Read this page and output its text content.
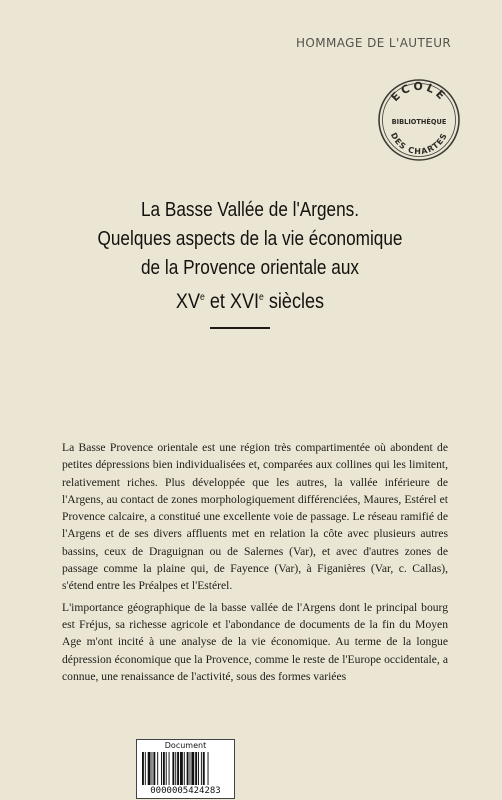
HOMMAGE DE L'AUTEUR
ECOLE
BIBLIOTHÈQUE
DES CHARTES
La Basse Vallée de l'Argens.
Quelques aspects de la vie économique
de la Provence orientale aux
XVe et XVIe siècles

La Basse Provence orientale est une région très compartimentée où abondent de petites dépressions bien individualisées et, comparées aux collines qui les limitent, relativement riches. Plus développée que les autres, la vallée inférieure de l'Argens, au contact de zones morphologiquement différenciées, Maures, Estérel et Provence calcaire, a constitué une excellente voie de passage. Le réseau ramifié de l'Argens et de ses divers affluents met en relation la côte avec plusieurs autres bassins, ceux de Draguignan ou de Salernes (Var), et avec d'autres zones de passage comme la plaine qui, de Fayence (Var), à Figanières (Var, c. Callas), s'étend entre les Préalpes et l'Estérel.

L'importance géographique de la basse vallée de l'Argens dont le principal bourg est Fréjus, sa richesse agricole et l'abondance de documents de la fin du Moyen Age m'ont incité à une analyse de la vie économique. Au terme de la longue dépression économique que la Provence, comme le reste de l'Europe occidentale, a connue, une renaissance de l'activité, sous des formes variées

Document
0000005424283
